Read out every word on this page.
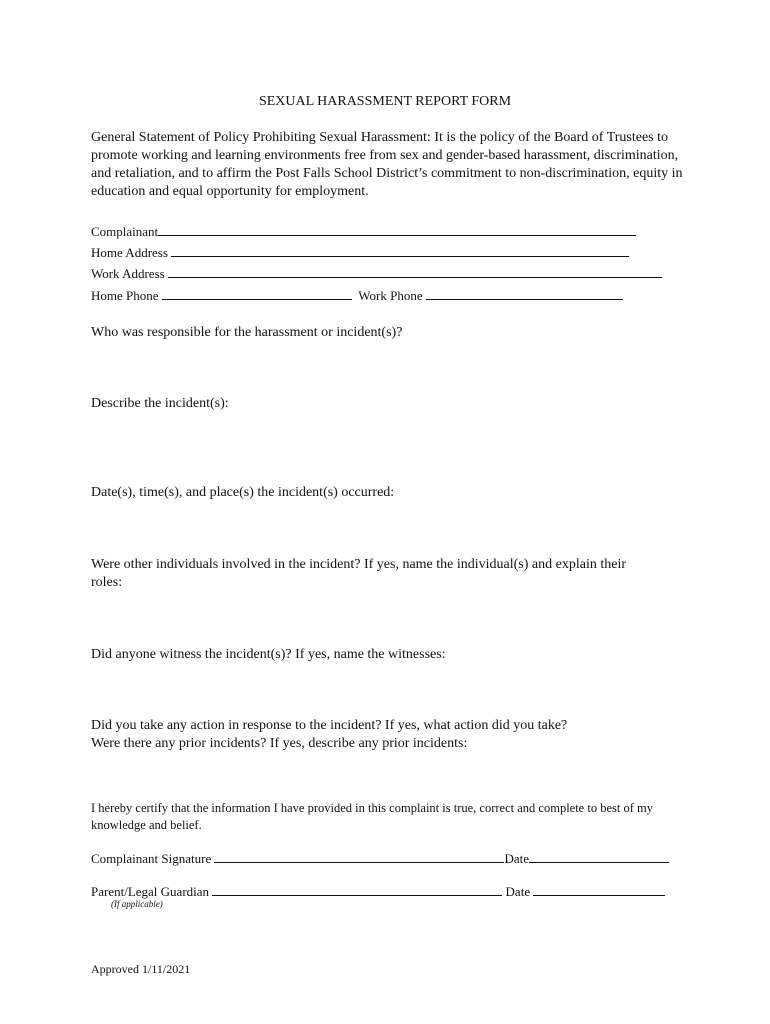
SEXUAL HARASSMENT REPORT FORM
General Statement of Policy Prohibiting Sexual Harassment: It is the policy of the Board of Trustees to promote working and learning environments free from sex and gender-based harassment, discrimination, and retaliation, and to affirm the Post Falls School District’s commitment to non-discrimination, equity in education and equal opportunity for employment.
Complainant
Home Address
Work Address
Home Phone	Work Phone
Who was responsible for the harassment or incident(s)?
Describe the incident(s):
Date(s), time(s), and place(s) the incident(s) occurred:
Were other individuals involved in the incident? If yes, name the individual(s) and explain their
roles:
Did anyone witness the incident(s)? If yes, name the witnesses:
Did you take any action in response to the incident? If yes, what action did you take?
Were there any prior incidents? If yes, describe any prior incidents:
I hereby certify that the information I have provided in this complaint is true, correct and complete to best of my knowledge and belief.
Complainant Signature	Date
Parent/Legal Guardian	Date
(If applicable)
Approved 1/11/2021
